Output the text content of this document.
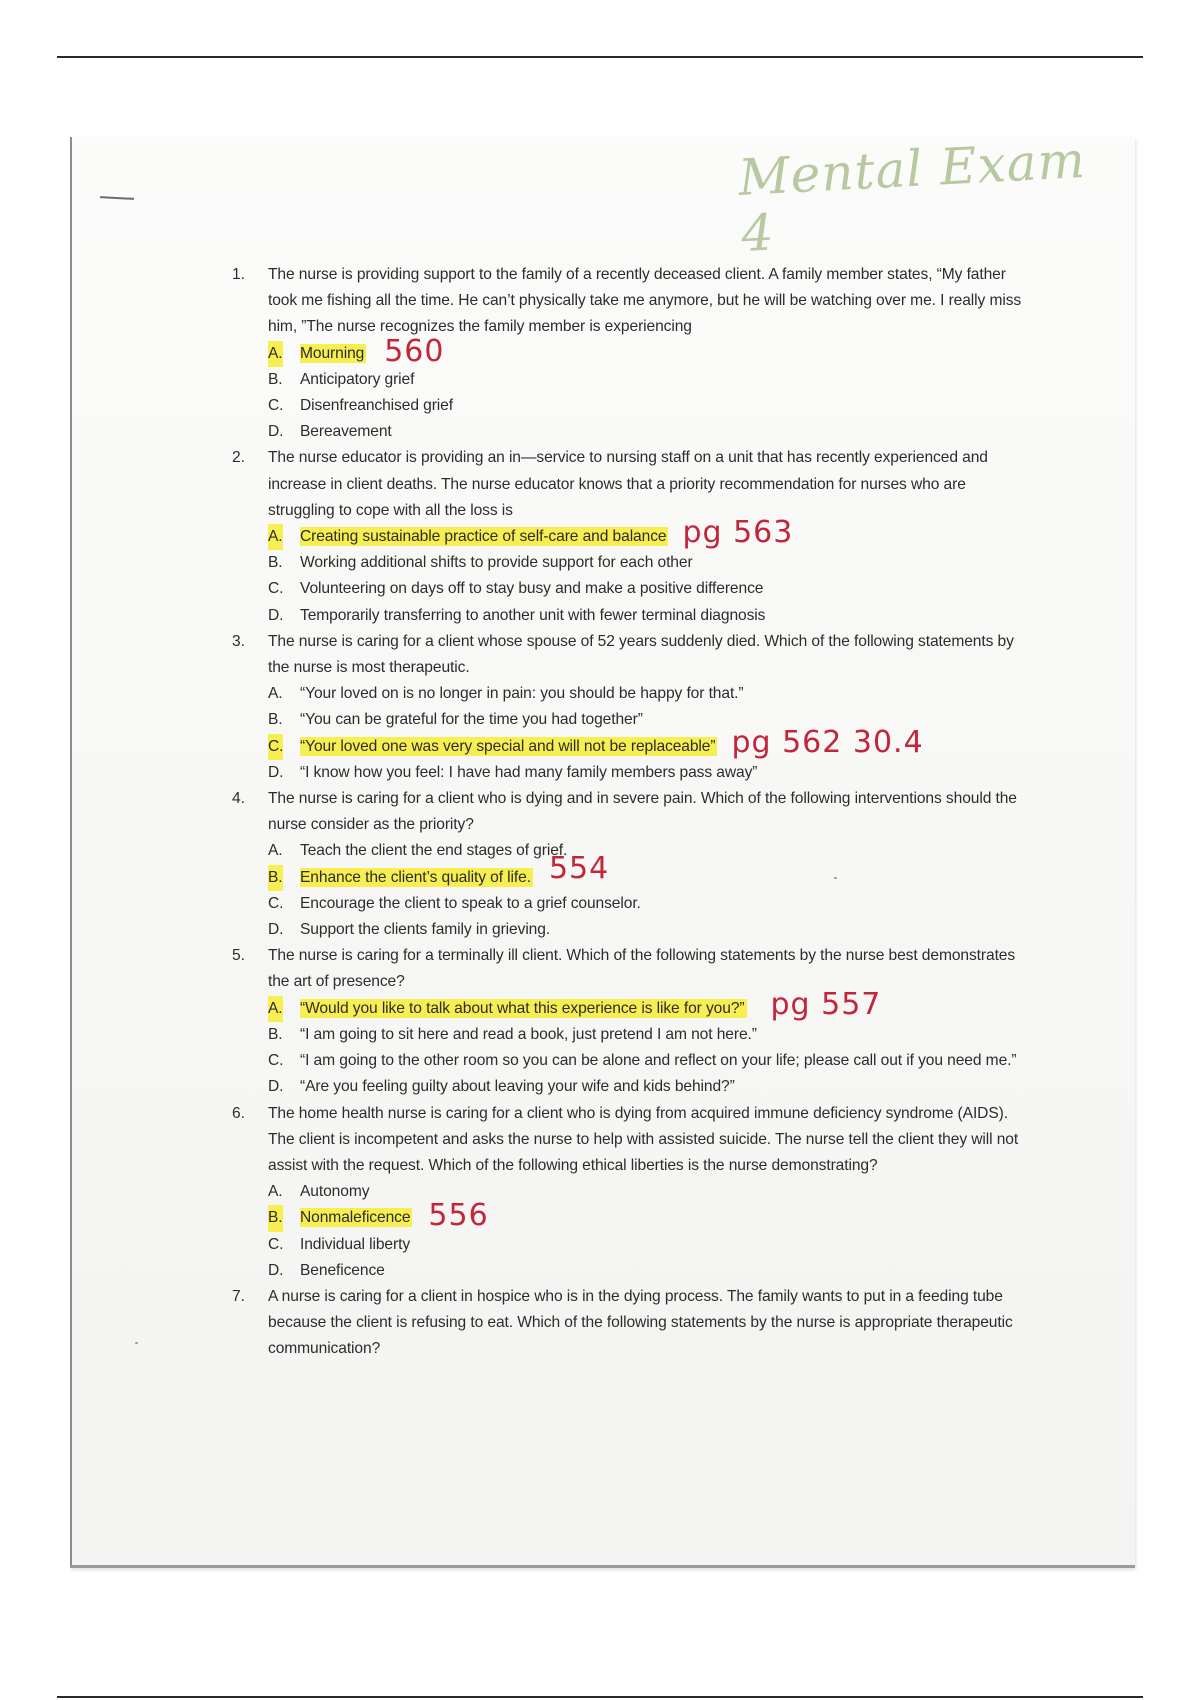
Mental Exam 4
1.	The nurse is providing support to the family of a recently deceased client. A family member states, “My father took me fishing all the time. He can’t physically take me anymore, but he will be watching over me. I really miss him, ”The nurse recognizes the family member is experiencing
A. Mourning
B. Anticipatory grief
C. Disenfreanchised grief
D. Bereavement
2.	The nurse educator is providing an in—service to nursing staff on a unit that has recently experienced and increase in client deaths. The nurse educator knows that a priority recommendation for nurses who are struggling to cope with all the loss is
A. Creating sustainable practice of self-care and balance
B. Working additional shifts to provide support for each other
C. Volunteering on days off to stay busy and make a positive difference
D. Temporarily transferring to another unit with fewer terminal diagnosis
3.	The nurse is caring for a client whose spouse of 52 years suddenly died. Which of the following statements by the nurse is most therapeutic.
A. “Your loved on is no longer in pain: you should be happy for that.”
B. “You can be grateful for the time you had together”
C. “Your loved one was very special and will not be replaceable”
D. “I know how you feel: I have had many family members pass away”
4.	The nurse is caring for a client who is dying and in severe pain. Which of the following interventions should the nurse consider as the priority?
A. Teach the client the end stages of grief.
B. Enhance the client’s quality of life.
C. Encourage the client to speak to a grief counselor.
D. Support the clients family in grieving.
5.	The nurse is caring for a terminally ill client. Which of the following statements by the nurse best demonstrates the art of presence?
A. “Would you like to talk about what this experience is like for you?”
B. “I am going to sit here and read a book, just pretend I am not here.”
C. “I am going to the other room so you can be alone and reflect on your life; please call out if you need me.”
D. “Are you feeling guilty about leaving your wife and kids behind?”
6.	The home health nurse is caring for a client who is dying from acquired immune deficiency syndrome (AIDS). The client is incompetent and asks the nurse to help with assisted suicide. The nurse tell the client they will not assist with the request. Which of the following ethical liberties is the nurse demonstrating?
A. Autonomy
B. Nonmaleficence
C. Individual liberty
D. Beneficence
7.	A nurse is caring for a client in hospice who is in the dying process. The family wants to put in a feeding tube because the client is refusing to eat. Which of the following statements by the nurse is appropriate therapeutic communication?
560
pg 563
pg 562 30.4
554
pg 557
556
